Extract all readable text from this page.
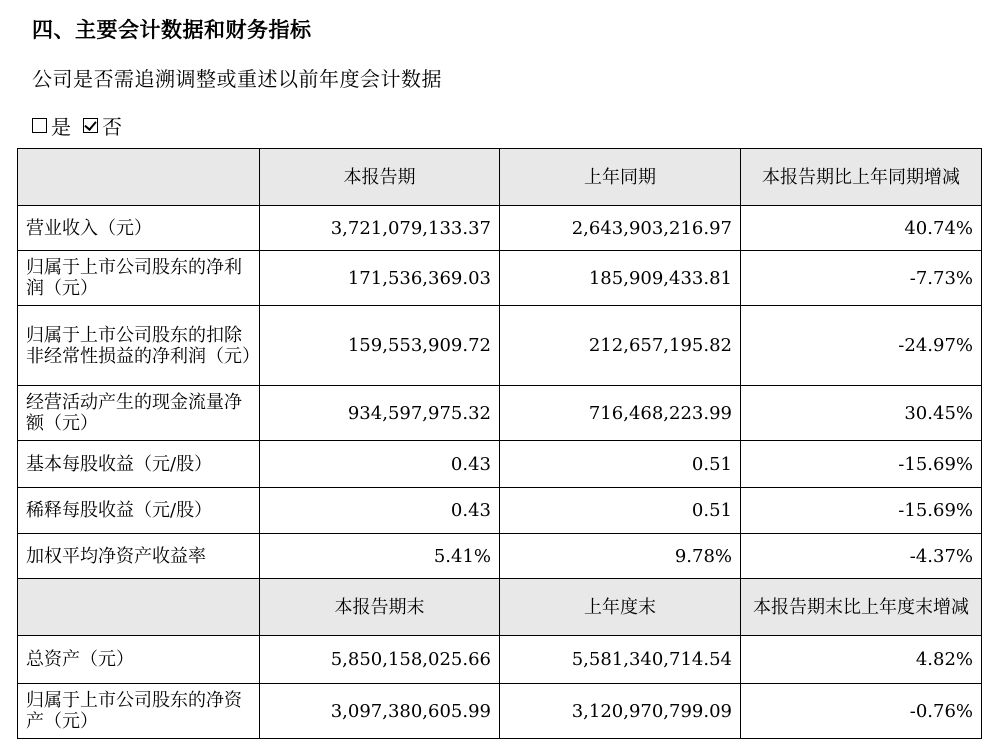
四、主要会计数据和财务指标
公司是否需追溯调整或重述以前年度会计数据
是 否
	本报告期	上年同期	本报告期比上年同期增减
营业收入（元）	3,721,079,133.37	2,643,903,216.97	40.74%
归属于上市公司股东的净利润（元）	171,536,369.03	185,909,433.81	-7.73%
归属于上市公司股东的扣除非经常性损益的净利润（元）	159,553,909.72	212,657,195.82	-24.97%
经营活动产生的现金流量净额（元）	934,597,975.32	716,468,223.99	30.45%
基本每股收益（元/股）	0.43	0.51	-15.69%
稀释每股收益（元/股）	0.43	0.51	-15.69%
加权平均净资产收益率	5.41%	9.78%	-4.37%
	本报告期末	上年度末	本报告期末比上年度末增减
总资产（元）	5,850,158,025.66	5,581,340,714.54	4.82%
归属于上市公司股东的净资产（元）	3,097,380,605.99	3,120,970,799.09	-0.76%
